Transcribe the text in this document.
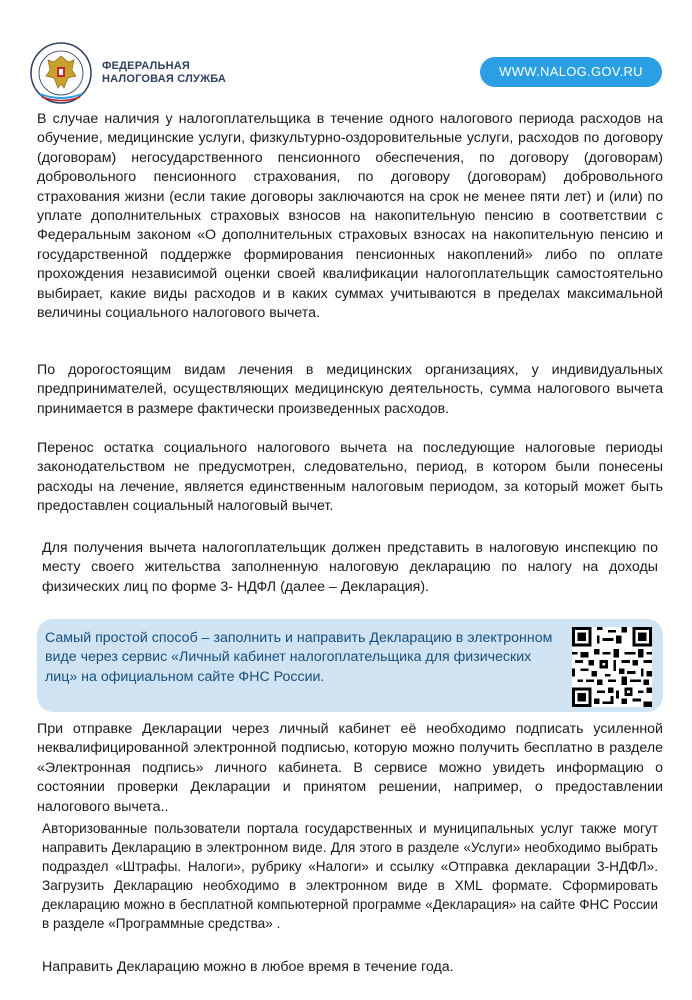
ФЕДЕРАЛЬНАЯ
НАЛОГОВАЯ СЛУЖБА	WWW.NALOG.GOV.RU

В случае наличия у налогоплательщика в течение одного налогового периода расходов на обучение, медицинские услуги, физкультурно-оздоровительные услуги, расходов по договору (договорам) негосударственного пенсионного обеспечения, по договору (договорам) добровольного пенсионного страхования, по договору (договорам) добровольного страхования жизни (если такие договоры заключаются на срок не менее пяти лет) и (или) по уплате дополнительных страховых взносов на накопительную пенсию в соответствии с Федеральным законом «О дополнительных страховых взносах на накопительную пенсию и государственной поддержке формирования пенсионных накоплений» либо по оплате прохождения независимой оценки своей квалификации налогоплательщик самостоятельно выбирает, какие виды расходов и в каких суммах учитываются в пределах максимальной величины социального налогового вычета.

По дорогостоящим видам лечения в медицинских организациях, у индивидуальных предпринимателей, осуществляющих медицинскую деятельность, сумма налогового вычета принимается в размере фактически произведенных расходов.

Перенос остатка социального налогового вычета на последующие налоговые периоды законодательством не предусмотрен, следовательно, период, в котором были понесены расходы на лечение, является единственным налоговым периодом, за который может быть предоставлен социальный налоговый вычет.

Для получения вычета налогоплательщик должен представить в налоговую инспекцию по месту своего жительства заполненную налоговую декларацию по налогу на доходы физических лиц по форме 3- НДФЛ (далее – Декларация).

Самый простой способ – заполнить и направить Декларацию в электронном виде через сервис «Личный кабинет налогоплательщика для физических лиц» на официальном сайте ФНС России.

При отправке Декларации через личный кабинет её необходимо подписать усиленной неквалифицированной электронной подписью, которую можно получить бесплатно в разделе «Электронная подпись» личного кабинета. В сервисе можно увидеть информацию о состоянии проверки Декларации и принятом решении, например, о предоставлении налогового вычета..

Авторизованные пользователи портала государственных и муниципальных услуг также могут направить Декларацию в электронном виде. Для этого в разделе «Услуги» необходимо выбрать подраздел «Штрафы. Налоги», рубрику «Налоги» и ссылку «Отправка декларации 3-НДФЛ». Загрузить Декларацию необходимо в электронном виде в XML формате. Сформировать декларацию можно в бесплатной компьютерной программе «Декларация» на сайте ФНС России в разделе «Программные средства» .

Направить Декларацию можно в любое время в течение года.
